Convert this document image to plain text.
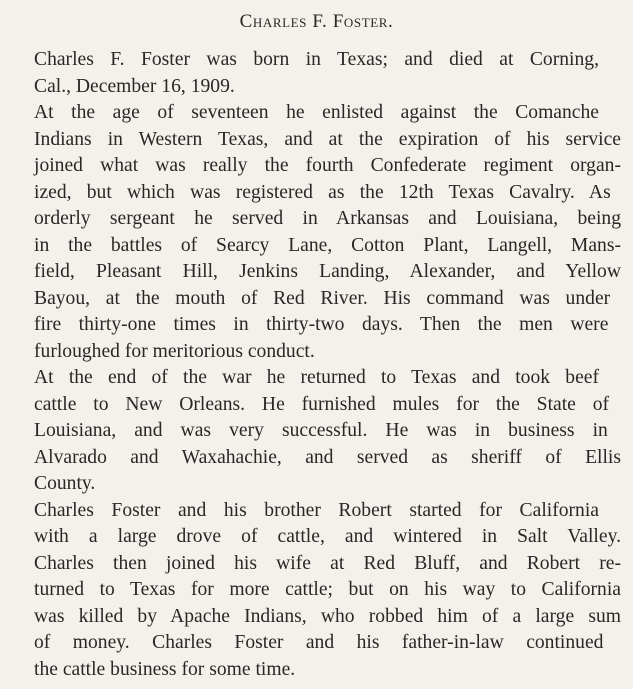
Charles F. Foster.
Charles F. Foster was born in Texas; and died at Corning,
Cal., December 16, 1909.
At the age of seventeen he enlisted against the Comanche
Indians in Western Texas, and at the expiration of his service
joined what was really the fourth Confederate regiment organ-
ized, but which was registered as the 12th Texas Cavalry. As
orderly sergeant he served in Arkansas and Louisiana, being
in the battles of Searcy Lane, Cotton Plant, Langell, Mans-
field, Pleasant Hill, Jenkins Landing, Alexander, and Yellow
Bayou, at the mouth of Red River. His command was under
fire thirty-one times in thirty-two days. Then the men were
furloughed for meritorious conduct.
At the end of the war he returned to Texas and took beef
cattle to New Orleans. He furnished mules for the State of
Louisiana, and was very successful. He was in business in
Alvarado and Waxahachie, and served as sheriff of Ellis
County.
Charles Foster and his brother Robert started for California
with a large drove of cattle, and wintered in Salt Valley.
Charles then joined his wife at Red Bluff, and Robert re-
turned to Texas for more cattle; but on his way to California
was killed by Apache Indians, who robbed him of a large sum
of money. Charles Foster and his father-in-law continued
the cattle business for some time.
